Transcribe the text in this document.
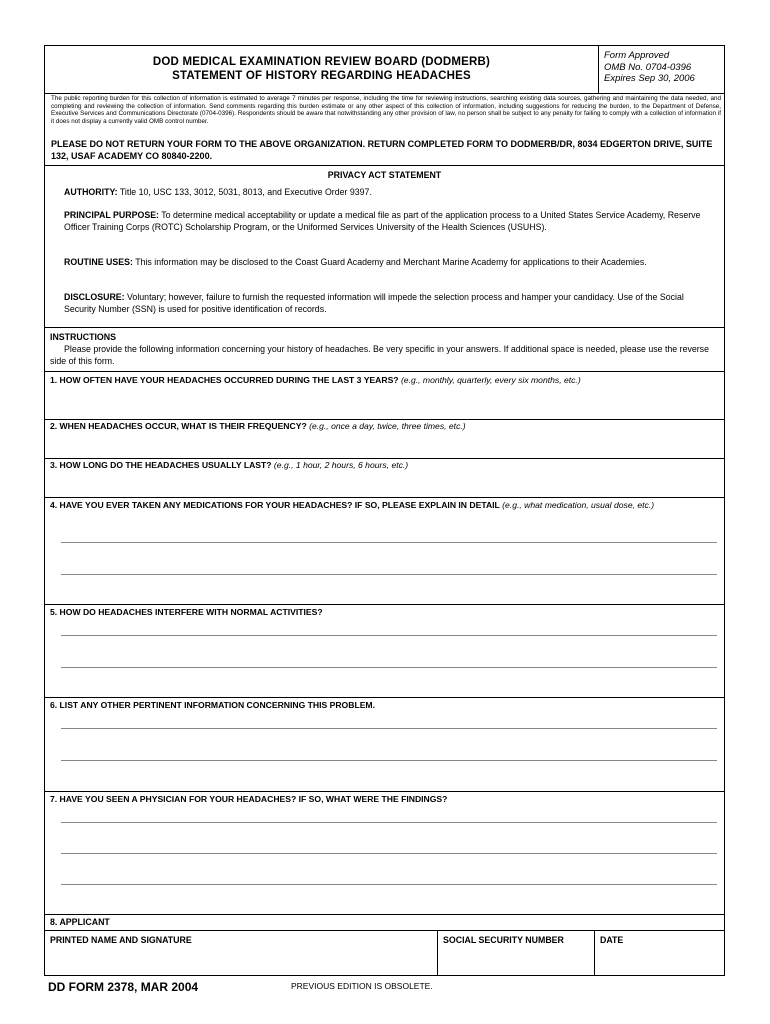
DOD MEDICAL EXAMINATION REVIEW BOARD (DODMERB)
STATEMENT OF HISTORY REGARDING HEADACHES
Form Approved
OMB No. 0704-0396
Expires Sep 30, 2006
The public reporting burden for this collection of information is estimated to average 7 minutes per response, including the time for reviewing instructions, searching existing data sources, gathering and maintaining the data needed, and completing and reviewing the collection of information. Send comments regarding this burden estimate or any other aspect of this collection of information, including suggestions for reducing the burden, to the Department of Defense, Executive Services and Communications Directorate (0704-0396). Respondents should be aware that notwithstanding any other provision of law, no person shall be subject to any penalty for failing to comply with a collection of information if it does not display a currently valid OMB control number.
PLEASE DO NOT RETURN YOUR FORM TO THE ABOVE ORGANIZATION. RETURN COMPLETED FORM TO DODMERB/DR, 8034 EDGERTON DRIVE, SUITE 132, USAF ACADEMY CO 80840-2200.
PRIVACY ACT STATEMENT
AUTHORITY: Title 10, USC 133, 3012, 5031, 8013, and Executive Order 9397.
PRINCIPAL PURPOSE: To determine medical acceptability or update a medical file as part of the application process to a United States Service Academy, Reserve Officer Training Corps (ROTC) Scholarship Program, or the Uniformed Services University of the Health Sciences (USUHS).
ROUTINE USES: This information may be disclosed to the Coast Guard Academy and Merchant Marine Academy for applications to their Academies.
DISCLOSURE: Voluntary; however, failure to furnish the requested information will impede the selection process and hamper your candidacy. Use of the Social Security Number (SSN) is used for positive identification of records.
INSTRUCTIONS
Please provide the following information concerning your history of headaches. Be very specific in your answers. If additional space is needed, please use the reverse side of this form.
1. HOW OFTEN HAVE YOUR HEADACHES OCCURRED DURING THE LAST 3 YEARS? (e.g., monthly, quarterly, every six months, etc.)
2. WHEN HEADACHES OCCUR, WHAT IS THEIR FREQUENCY? (e.g., once a day, twice, three times, etc.)
3. HOW LONG DO THE HEADACHES USUALLY LAST? (e.g., 1 hour, 2 hours, 6 hours, etc.)
4. HAVE YOU EVER TAKEN ANY MEDICATIONS FOR YOUR HEADACHES? IF SO, PLEASE EXPLAIN IN DETAIL (e.g., what medication, usual dose, etc.)
5. HOW DO HEADACHES INTERFERE WITH NORMAL ACTIVITIES?
6. LIST ANY OTHER PERTINENT INFORMATION CONCERNING THIS PROBLEM.
7. HAVE YOU SEEN A PHYSICIAN FOR YOUR HEADACHES? IF SO, WHAT WERE THE FINDINGS?
8. APPLICANT
PRINTED NAME AND SIGNATURE	SOCIAL SECURITY NUMBER	DATE
DD FORM 2378, MAR 2004	PREVIOUS EDITION IS OBSOLETE.
